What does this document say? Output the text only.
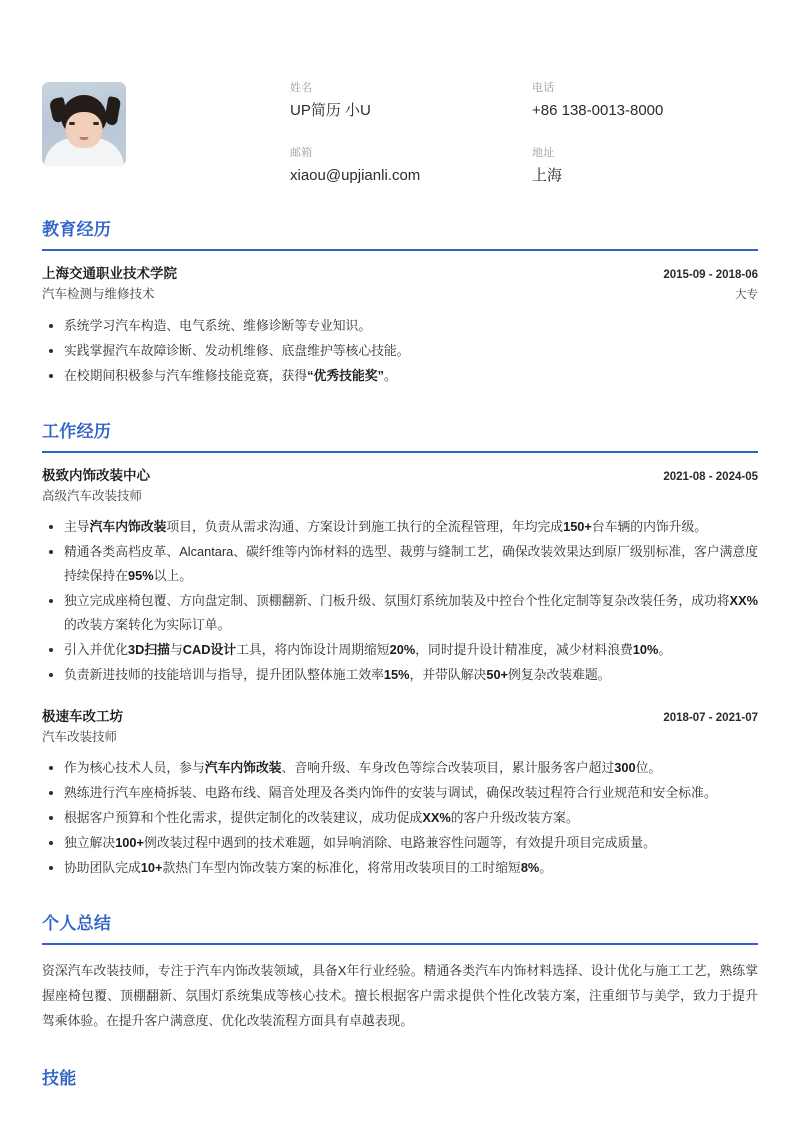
姓名
UP简历 小U
电话
+86 138-0013-8000
邮箱
xiaou@upjianli.com
地址
上海
教育经历
上海交通职业技术学院	2015-09 - 2018-06
汽车检测与维修技术	大专
系统学习汽车构造、电气系统、维修诊断等专业知识。
实践掌握汽车故障诊断、发动机维修、底盘维护等核心技能。
在校期间积极参与汽车维修技能竞赛，获得“优秀技能奖”。
工作经历
极致内饰改装中心	2021-08 - 2024-05
高级汽车改装技师
主导汽车内饰改装项目，负责从需求沟通、方案设计到施工执行的全流程管理，年均完成150+台车辆的内饰升级。
精通各类高档皮革、Alcantara、碳纤维等内饰材料的选型、裁剪与缝制工艺，确保改装效果达到原厂级别标准，客户满意度持续保持在95%以上。
独立完成座椅包覆、方向盘定制、顶棚翻新、门板升级、氛围灯系统加装及中控台个性化定制等复杂改装任务，成功将XX%的改装方案转化为实际订单。
引入并优化3D扫描与CAD设计工具，将内饰设计周期缩短20%，同时提升设计精准度，减少材料浪费10%。
负责新进技师的技能培训与指导，提升团队整体施工效率15%，并带队解决50+例复杂改装难题。
极速车改工坊	2018-07 - 2021-07
汽车改装技师
作为核心技术人员，参与汽车内饰改装、音响升级、车身改色等综合改装项目，累计服务客户超过300位。
熟练进行汽车座椅拆装、电路布线、隔音处理及各类内饰件的安装与调试，确保改装过程符合行业规范和安全标准。
根据客户预算和个性化需求，提供定制化的改装建议，成功促成XX%的客户升级改装方案。
独立解决100+例改装过程中遇到的技术难题，如异响消除、电路兼容性问题等，有效提升项目完成质量。
协助团队完成10+款热门车型内饰改装方案的标准化，将常用改装项目的工时缩短8%。
个人总结
资深汽车改装技师，专注于汽车内饰改装领域，具备X年行业经验。精通各类汽车内饰材料选择、设计优化与施工工艺，熟练掌握座椅包覆、顶棚翻新、氛围灯系统集成等核心技术。擅长根据客户需求提供个性化改装方案，注重细节与美学，致力于提升驾乘体验。在提升客户满意度、优化改装流程方面具有卓越表现。
技能
